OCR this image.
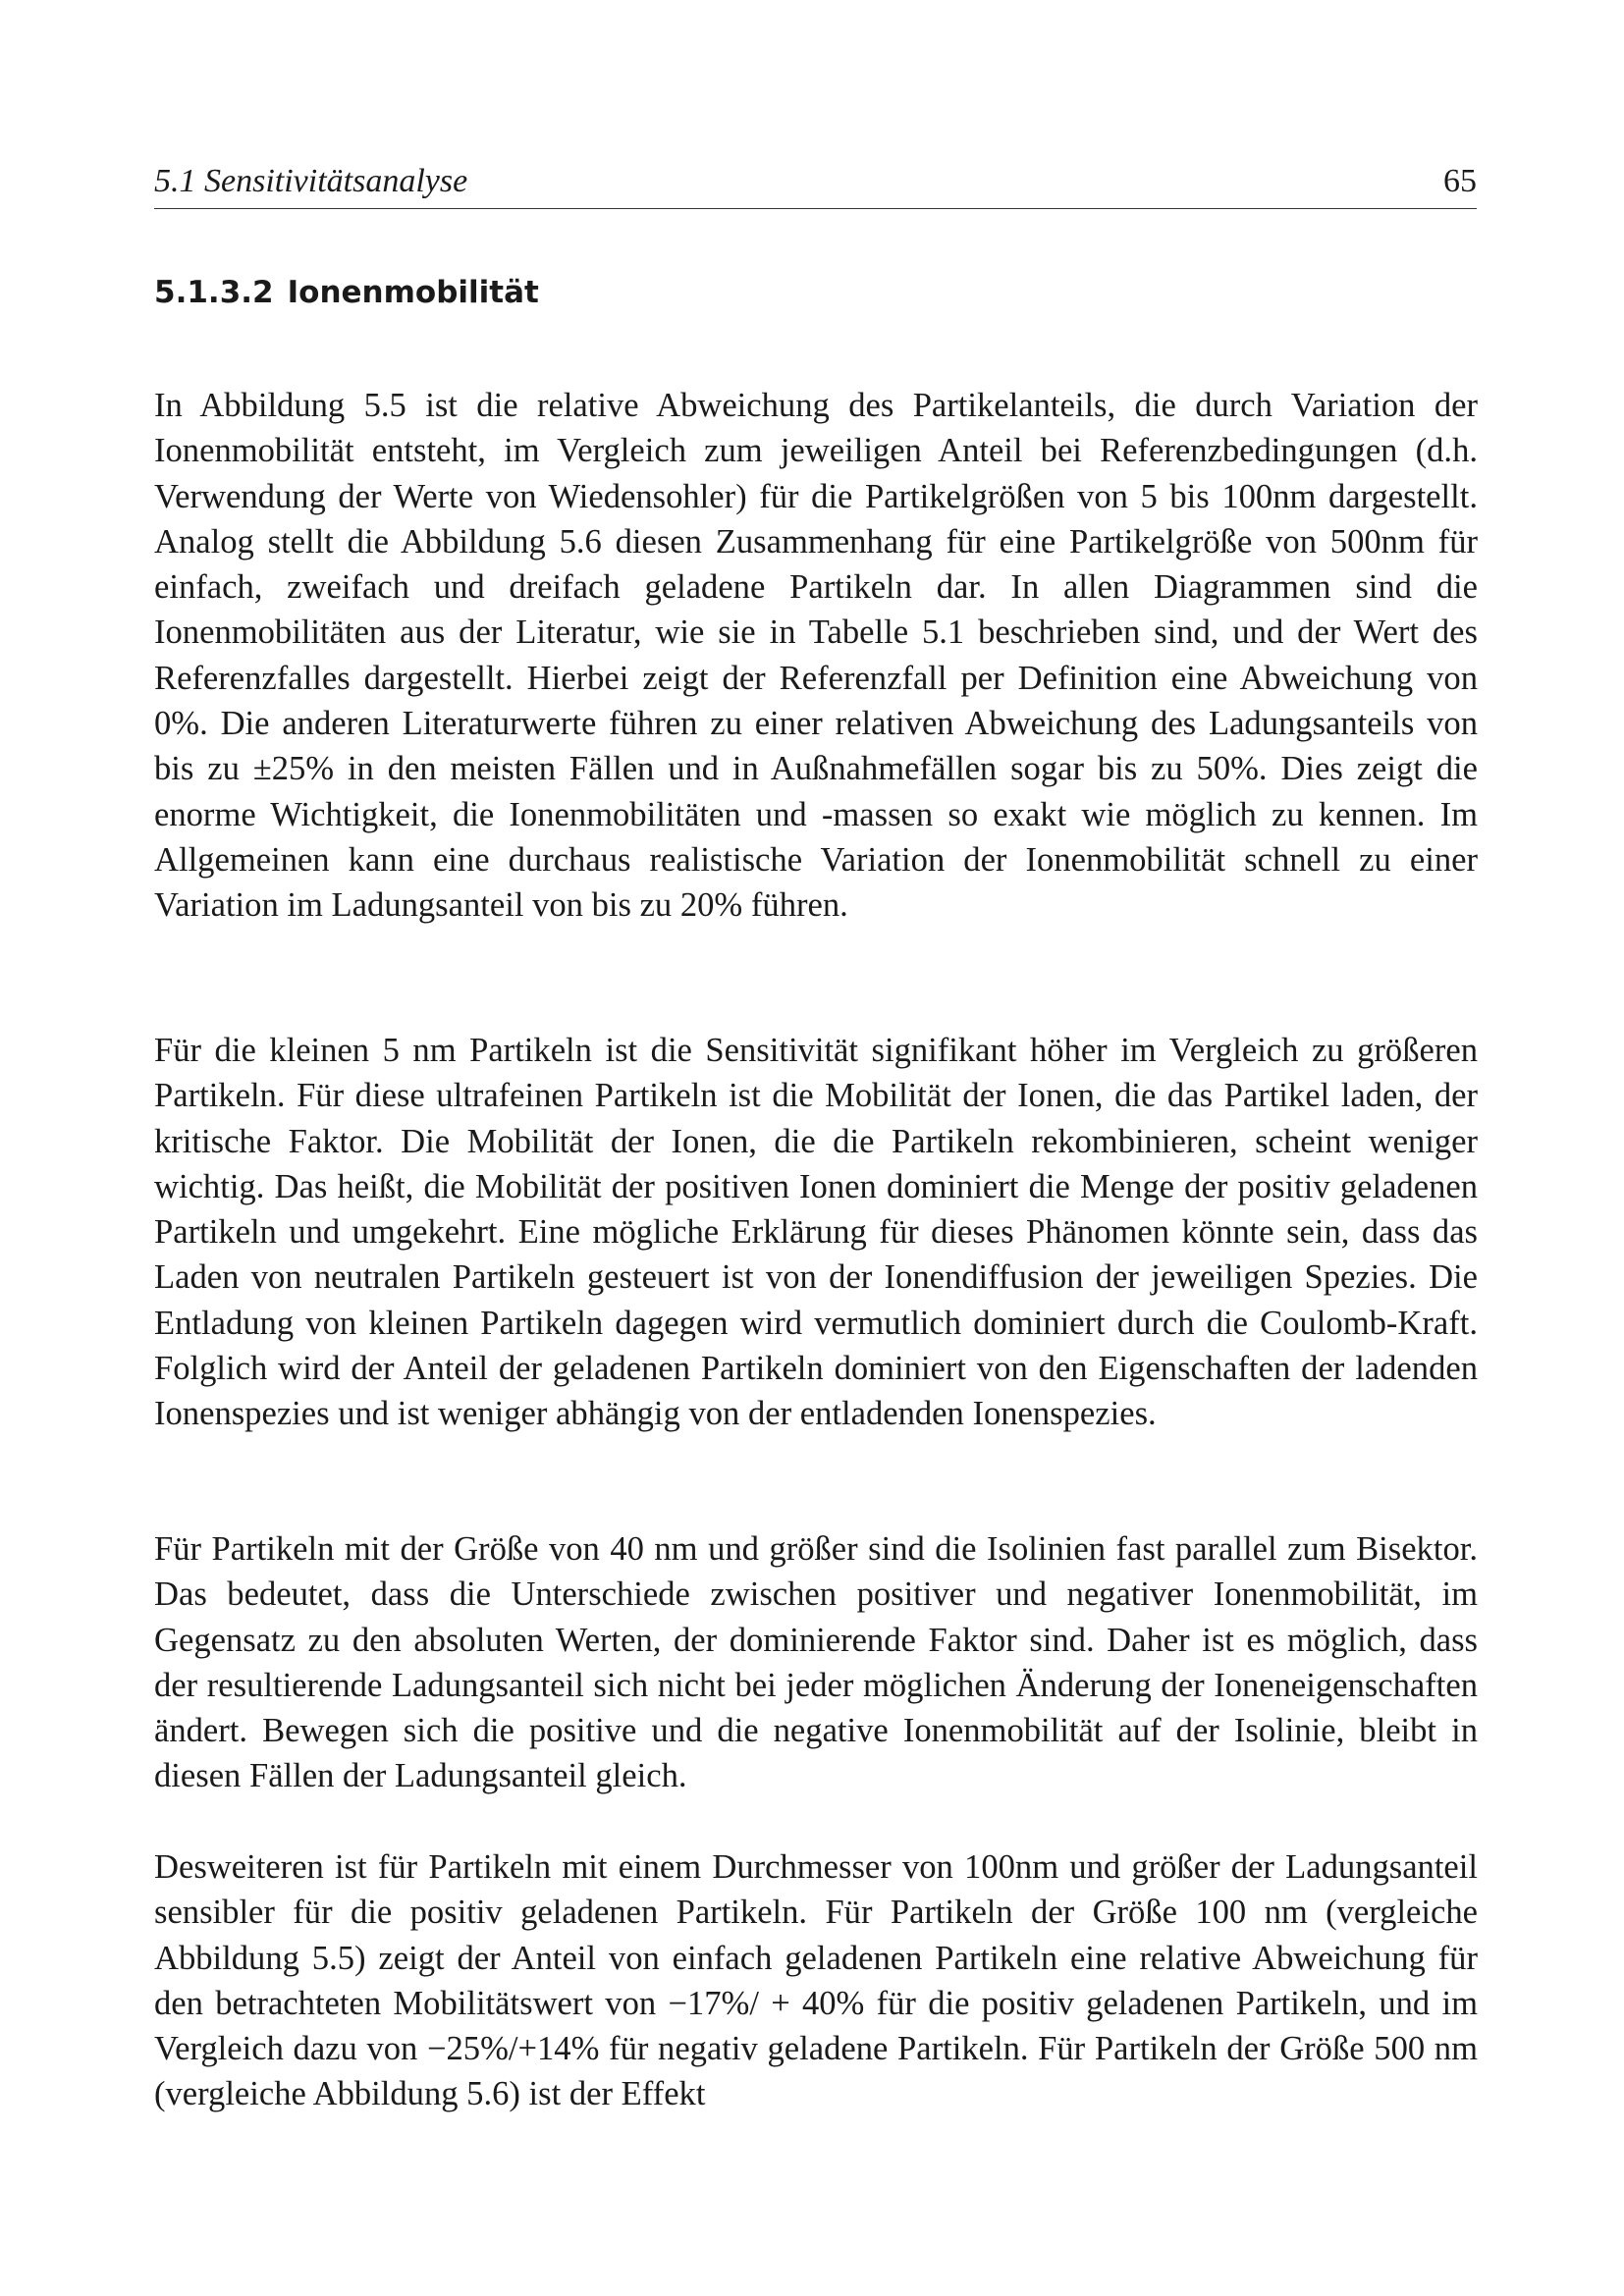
5.1 Sensitivitätsanalyse	65
5.1.3.2 Ionenmobilität

In Abbildung 5.5 ist die relative Abweichung des Partikelanteils, die durch Variation der Ionenmobilität entsteht, im Vergleich zum jeweiligen Anteil bei Referenzbedingungen (d.h. Verwendung der Werte von Wiedensohler) für die Partikelgrößen von 5 bis 100nm dargestellt. Analog stellt die Abbildung 5.6 diesen Zusammenhang für eine Partikelgröße von 500nm für einfach, zweifach und dreifach geladene Partikeln dar. In allen Diagrammen sind die Ionenmobilitäten aus der Literatur, wie sie in Tabelle 5.1 beschrieben sind, und der Wert des Referenzfalles dargestellt. Hierbei zeigt der Referenzfall per Definition eine Abweichung von 0%. Die anderen Literaturwerte führen zu einer relativen Abweichung des Ladungsanteils von bis zu ±25% in den meisten Fällen und in Außnahmefällen sogar bis zu 50%. Dies zeigt die enorme Wichtigkeit, die Ionenmobilitäten und -massen so exakt wie möglich zu kennen. Im Allgemeinen kann eine durchaus realistische Variation der Ionenmobilität schnell zu einer Variation im Ladungsanteil von bis zu 20% führen.

Für die kleinen 5 nm Partikeln ist die Sensitivität signifikant höher im Vergleich zu größeren Partikeln. Für diese ultrafeinen Partikeln ist die Mobilität der Ionen, die das Partikel laden, der kritische Faktor. Die Mobilität der Ionen, die die Partikeln rekombinieren, scheint weniger wichtig. Das heißt, die Mobilität der positiven Ionen dominiert die Menge der positiv geladenen Partikeln und umgekehrt. Eine mögliche Erklärung für dieses Phänomen könnte sein, dass das Laden von neutralen Partikeln gesteuert ist von der Ionendiffusion der jeweiligen Spezies. Die Entladung von kleinen Partikeln dagegen wird vermutlich dominiert durch die Coulomb-Kraft. Folglich wird der Anteil der geladenen Partikeln dominiert von den Eigenschaften der ladenden Ionenspezies und ist weniger abhängig von der entladenden Ionenspezies.

Für Partikeln mit der Größe von 40 nm und größer sind die Isolinien fast parallel zum Bisektor. Das bedeutet, dass die Unterschiede zwischen positiver und negativer Ionenmobilität, im Gegensatz zu den absoluten Werten, der dominierende Faktor sind. Daher ist es möglich, dass der resultierende Ladungsanteil sich nicht bei jeder möglichen Änderung der Ioneneigenschaften ändert. Bewegen sich die positive und die negative Ionenmobilität auf der Isolinie, bleibt in diesen Fällen der Ladungsanteil gleich.

Desweiteren ist für Partikeln mit einem Durchmesser von 100nm und größer der Ladungsanteil sensibler für die positiv geladenen Partikeln. Für Partikeln der Größe 100 nm (vergleiche Abbildung 5.5) zeigt der Anteil von einfach geladenen Partikeln eine relative Abweichung für den betrachteten Mobilitätswert von −17%/ + 40% für die positiv geladenen Partikeln, und im Vergleich dazu von −25%/+14% für negativ geladene Partikeln. Für Partikeln der Größe 500 nm (vergleiche Abbildung 5.6) ist der Effekt
